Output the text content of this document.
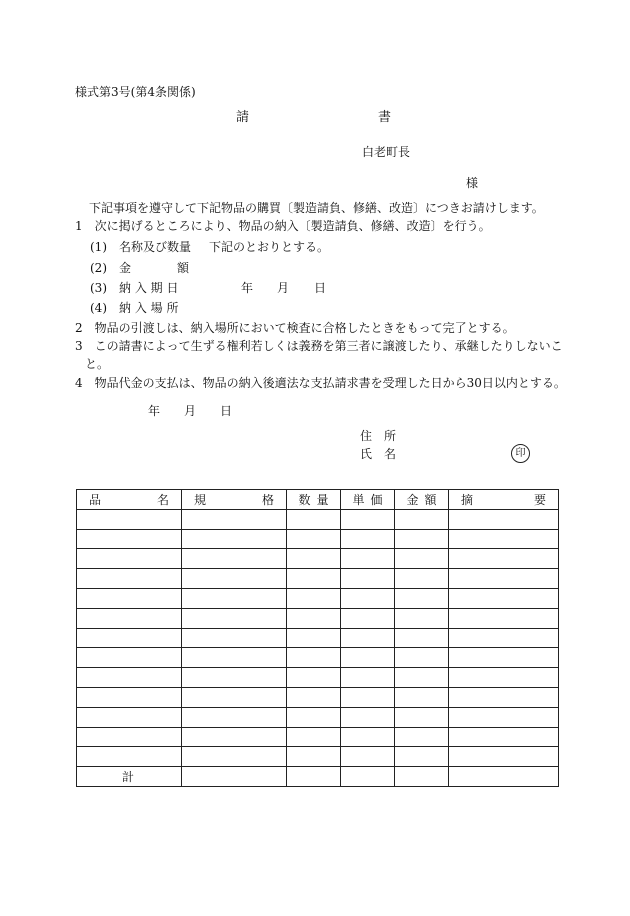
様式第3号(第4条関係)
請	書
白老町長
様
下記事項を遵守して下記物品の購買〔製造請負、修繕、改造〕につきお請けします。
1　次に掲げるところにより、物品の納入〔製造請負、修繕、改造〕を行う。
(1)　名称及び数量 下記のとおりとする。
(2)　金	額
(3)　納 入 期 日	年 月 日
(4)　納 入 場 所
2　物品の引渡しは、納入場所において検査に合格したときをもって完了とする。
3　この請書によって生ずる権利若しくは義務を第三者に譲渡したり、承継したりしないこ
と。
4　物品代金の支払は、物品の納入後適法な支払請求書を受理した日から30日以内とする。
年 月 日
住　所
氏　名	印
品 名	規 格	数 量	単 価	金 額	摘 要

計					
